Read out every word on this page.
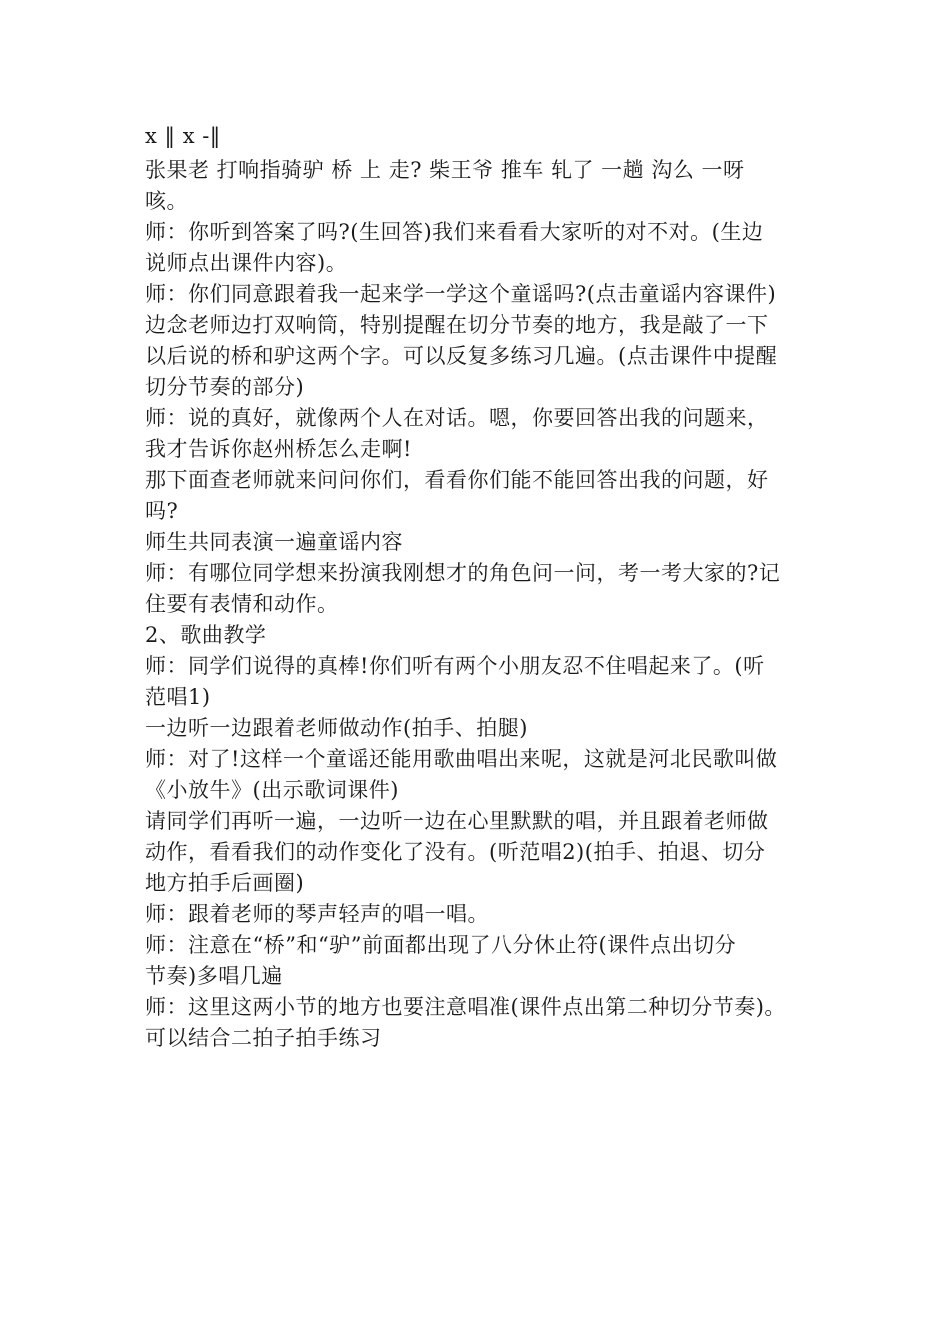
x ‖ x -‖

张果老 打响指骑驴 桥 上 走? 柴王爷 推车 轧了 一趟 沟么 一呀

咳。

师：你听到答案了吗?(生回答)我们来看看大家听的对不对。(生边

说师点出课件内容)。

师：你们同意跟着我一起来学一学这个童谣吗?(点击童谣内容课件)

边念老师边打双响筒，特别提醒在切分节奏的地方，我是敲了一下

以后说的桥和驴这两个字。可以反复多练习几遍。(点击课件中提醒

切分节奏的部分)

师：说的真好，就像两个人在对话。嗯，你要回答出我的问题来，

我才告诉你赵州桥怎么走啊!

那下面查老师就来问问你们，看看你们能不能回答出我的问题，好

吗?

师生共同表演一遍童谣内容

师：有哪位同学想来扮演我刚想才的角色问一问，考一考大家的?记

住要有表情和动作。

2、歌曲教学

师：同学们说得的真棒!你们听有两个小朋友忍不住唱起来了。(听

范唱1)

一边听一边跟着老师做动作(拍手、拍腿)

师：对了!这样一个童谣还能用歌曲唱出来呢，这就是河北民歌叫做

《小放牛》(出示歌词课件)

请同学们再听一遍，一边听一边在心里默默的唱，并且跟着老师做

动作，看看我们的动作变化了没有。(听范唱2)(拍手、拍退、切分

地方拍手后画圈)

师：跟着老师的琴声轻声的唱一唱。

师：注意在“桥”和“驴”前面都出现了八分休止符(课件点出切分

节奏)多唱几遍

师：这里这两小节的地方也要注意唱准(课件点出第二种切分节奏)。

可以结合二拍子拍手练习
